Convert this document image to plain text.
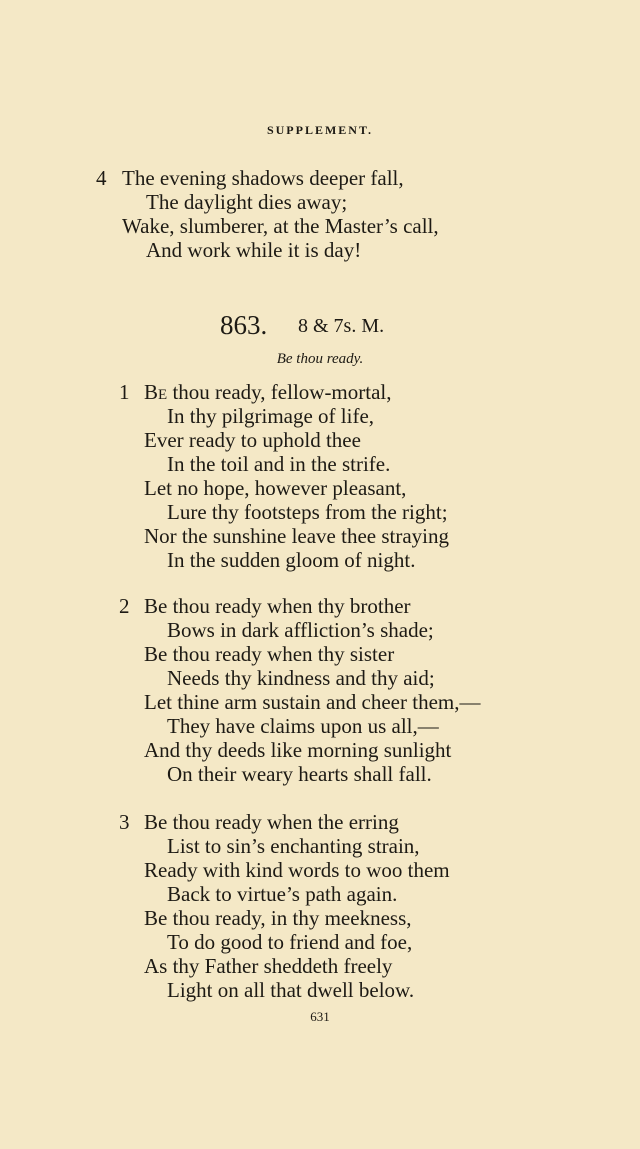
SUPPLEMENT.
4 The evening shadows deeper fall,
The daylight dies away;
Wake, slumberer, at the Master’s call,
And work while it is day!
863. 8 & 7s. M.
Be thou ready.
1 Be thou ready, fellow-mortal,
In thy pilgrimage of life,
Ever ready to uphold thee
In the toil and in the strife.
Let no hope, however pleasant,
Lure thy footsteps from the right;
Nor the sunshine leave thee straying
In the sudden gloom of night.
2 Be thou ready when thy brother
Bows in dark affliction’s shade;
Be thou ready when thy sister
Needs thy kindness and thy aid;
Let thine arm sustain and cheer them,—
They have claims upon us all,—
And thy deeds like morning sunlight
On their weary hearts shall fall.
3 Be thou ready when the erring
List to sin’s enchanting strain,
Ready with kind words to woo them
Back to virtue’s path again.
Be thou ready, in thy meekness,
To do good to friend and foe,
As thy Father sheddeth freely
Light on all that dwell below.
631
